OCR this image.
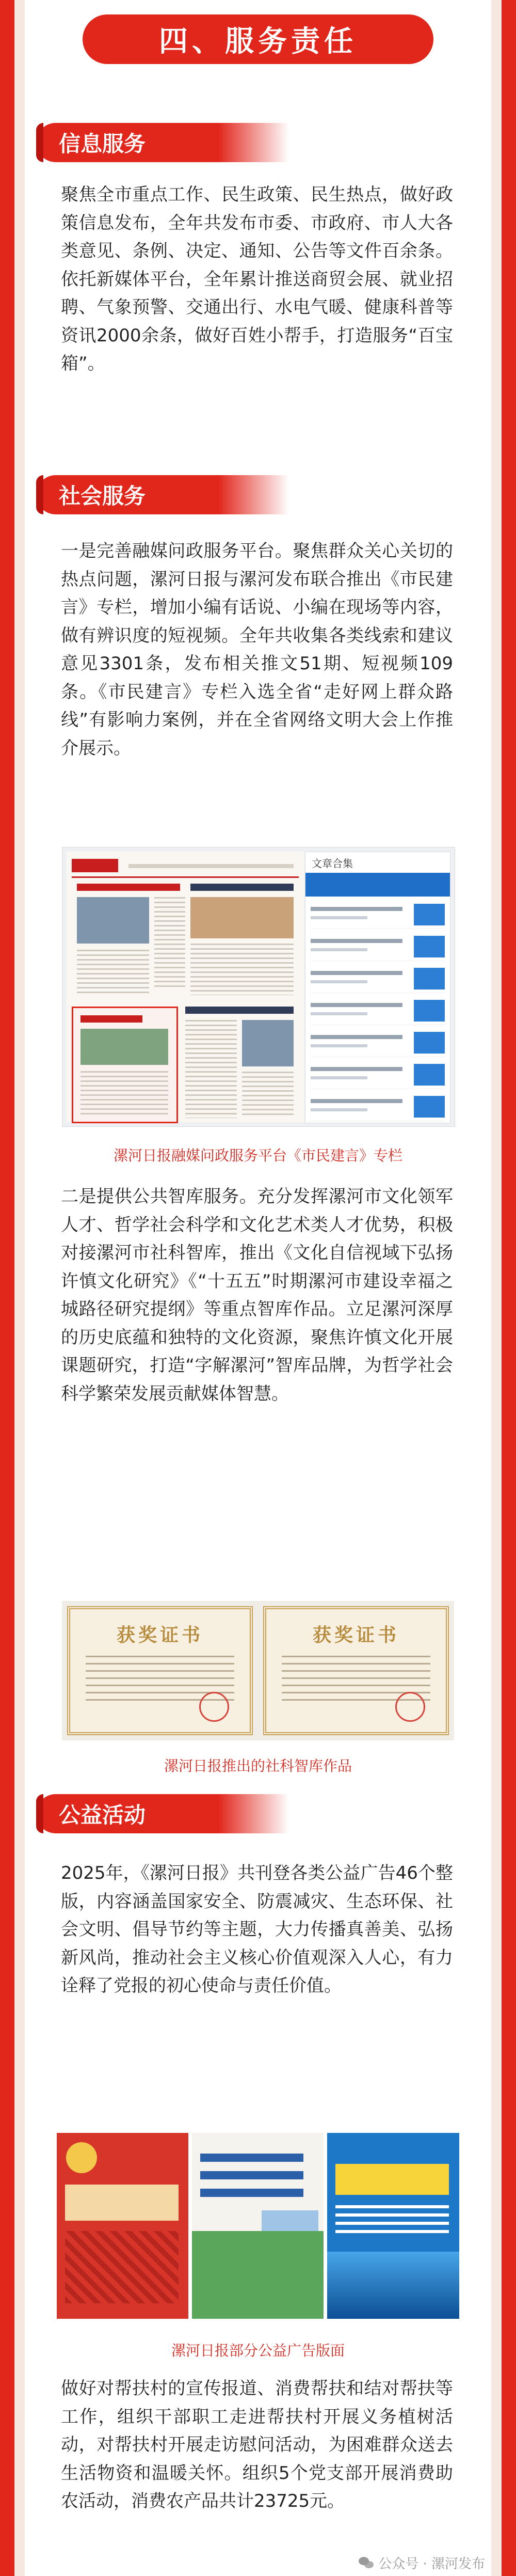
四、服务责任
信息服务

聚焦全市重点工作、民生政策、民生热点，做好政策信息发布，全年共发布市委、市政府、市人大各类意见、条例、决定、通知、公告等文件百余条。依托新媒体平台，全年累计推送商贸会展、就业招聘、气象预警、交通出行、水电气暖、健康科普等资讯2000余条，做好百姓小帮手，打造服务“百宝箱”。

社会服务

一是完善融媒问政服务平台。聚焦群众关心关切的热点问题，漯河日报与漯河发布联合推出《市民建言》专栏，增加小编有话说、小编在现场等内容，做有辨识度的短视频。全年共收集各类线索和建议意见3301条，发布相关推文51期、短视频109条。《市民建言》专栏入选全省“走好网上群众路线”有影响力案例，并在全省网络文明大会上作推介展示。

文章合集

漯河日报融媒问政服务平台《市民建言》专栏

二是提供公共智库服务。充分发挥漯河市文化领军人才、哲学社会科学和文化艺术类人才优势，积极对接漯河市社科智库，推出《文化自信视域下弘扬许慎文化研究》《“十五五”时期漯河市建设幸福之城路径研究提纲》等重点智库作品。立足漯河深厚的历史底蕴和独特的文化资源，聚焦许慎文化开展课题研究，打造“字解漯河”智库品牌，为哲学社会科学繁荣发展贡献媒体智慧。

获奖证书	获奖证书

漯河日报推出的社科智库作品

公益活动

2025年，《漯河日报》共刊登各类公益广告46个整版，内容涵盖国家安全、防震减灾、生态环保、社会文明、倡导节约等主题，大力传播真善美、弘扬新风尚，推动社会主义核心价值观深入人心，有力诠释了党报的初心使命与责任价值。

漯河日报部分公益广告版面

做好对帮扶村的宣传报道、消费帮扶和结对帮扶等工作，组织干部职工走进帮扶村开展义务植树活动，对帮扶村开展走访慰问活动，为困难群众送去生活物资和温暖关怀。组织5个党支部开展消费助农活动，消费农产品共计23725元。

公众号 · 漯河发布
